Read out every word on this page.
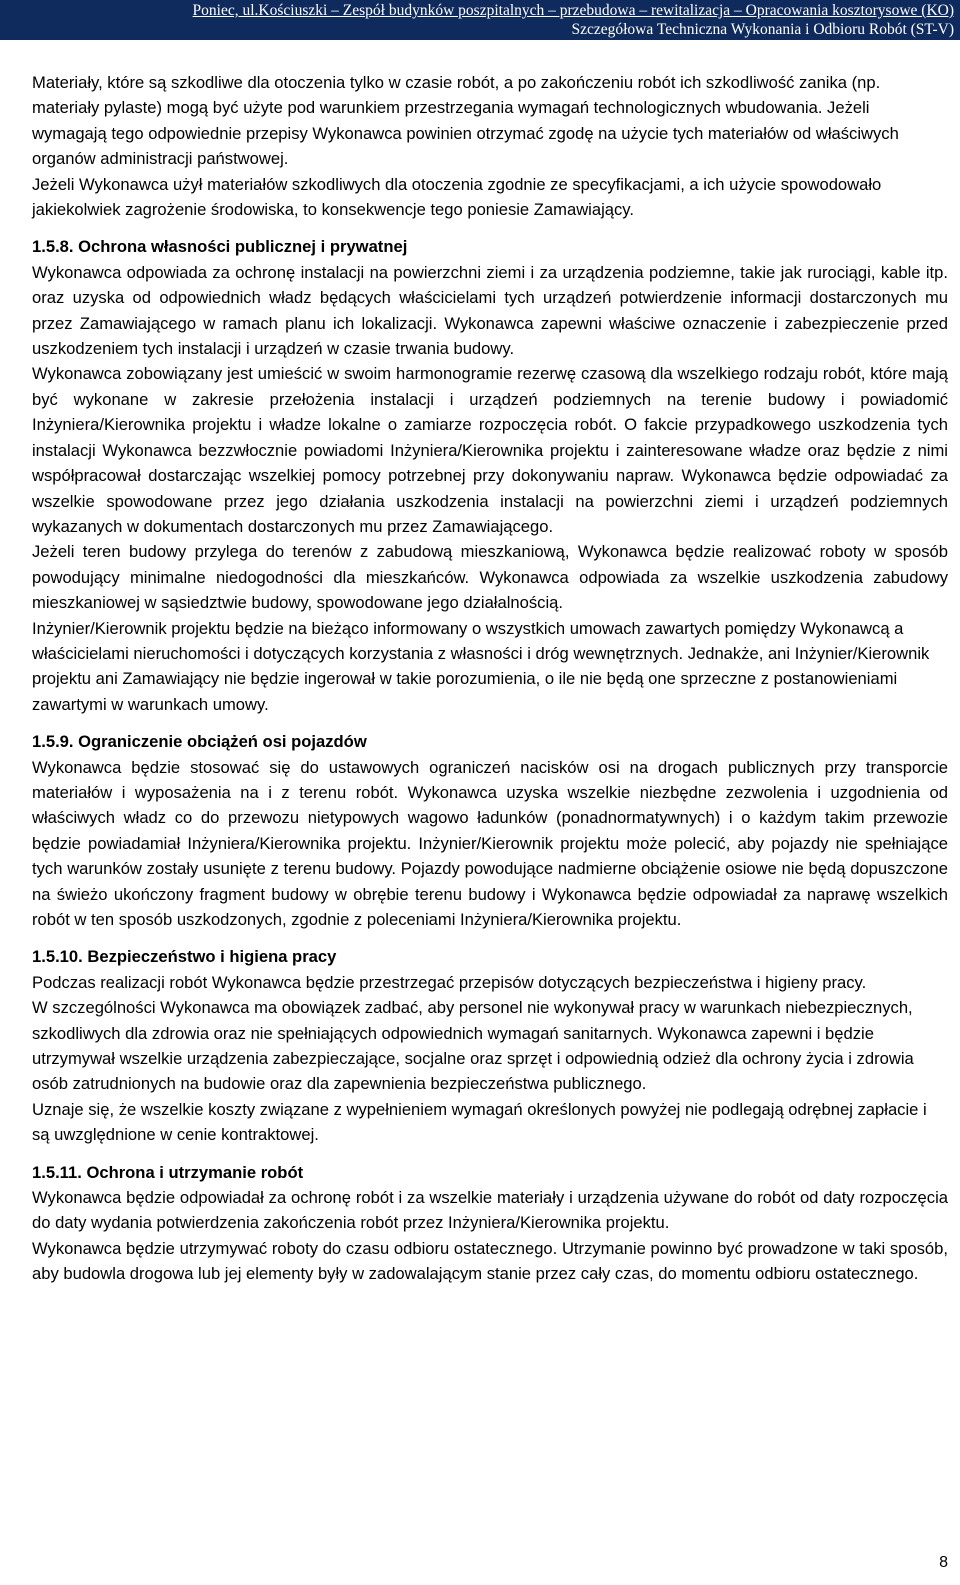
Poniec, ul.Kościuszki – Zespół budynków poszpitalnych – przebudowa – rewitalizacja – Opracowania kosztorysowe (KO)
Szczegółowa Techniczna Wykonania i Odbioru Robót (ST-V)

Materiały, które są szkodliwe dla otoczenia tylko w czasie robót, a po zakończeniu robót ich szkodliwość zanika (np. materiały pylaste) mogą być użyte pod warunkiem przestrzegania wymagań technologicznych wbudowania. Jeżeli wymagają tego odpowiednie przepisy Wykonawca powinien otrzymać zgodę na użycie tych materiałów od właściwych organów administracji państwowej.

Jeżeli Wykonawca użył materiałów szkodliwych dla otoczenia zgodnie ze specyfikacjami, a ich użycie spowodowało jakiekolwiek zagrożenie środowiska, to konsekwencje tego poniesie Zamawiający.

1.5.8. Ochrona własności publicznej i prywatnej

Wykonawca odpowiada za ochronę instalacji na powierzchni ziemi i za urządzenia podziemne, takie jak rurociągi, kable itp. oraz uzyska od odpowiednich władz będących właścicielami tych urządzeń potwierdzenie informacji dostarczonych mu przez Zamawiającego w ramach planu ich lokalizacji. Wykonawca zapewni właściwe oznaczenie i zabezpieczenie przed uszkodzeniem tych instalacji i urządzeń w czasie trwania budowy.

Wykonawca zobowiązany jest umieścić w swoim harmonogramie rezerwę czasową dla wszelkiego rodzaju robót, które mają być wykonane w zakresie przełożenia instalacji i urządzeń podziemnych na terenie budowy i powiadomić Inżyniera/Kierownika projektu i władze lokalne o zamiarze rozpoczęcia robót. O fakcie przypadkowego uszkodzenia tych instalacji Wykonawca bezzwłocznie powiadomi Inżyniera/Kierownika projektu i zainteresowane władze oraz będzie z nimi współpracował dostarczając wszelkiej pomocy potrzebnej przy dokonywaniu napraw. Wykonawca będzie odpowiadać za wszelkie spowodowane przez jego działania uszkodzenia instalacji na powierzchni ziemi i urządzeń podziemnych wykazanych w dokumentach dostarczonych mu przez Zamawiającego.

Jeżeli teren budowy przylega do terenów z zabudową mieszkaniową, Wykonawca będzie realizować roboty w sposób powodujący minimalne niedogodności dla mieszkańców. Wykonawca odpowiada za wszelkie uszkodzenia zabudowy mieszkaniowej w sąsiedztwie budowy, spowodowane jego działalnością.

Inżynier/Kierownik projektu będzie na bieżąco informowany o wszystkich umowach zawartych pomiędzy Wykonawcą a właścicielami nieruchomości i dotyczących korzystania z własności i dróg wewnętrznych. Jednakże, ani Inżynier/Kierownik projektu ani Zamawiający nie będzie ingerował w takie porozumienia, o ile nie będą one sprzeczne z postanowieniami zawartymi w warunkach umowy.

1.5.9. Ograniczenie obciążeń osi pojazdów

Wykonawca będzie stosować się do ustawowych ograniczeń nacisków osi na drogach publicznych przy transporcie materiałów i wyposażenia na i z terenu robót. Wykonawca uzyska wszelkie niezbędne zezwolenia i uzgodnienia od właściwych władz co do przewozu nietypowych wagowo ładunków (ponadnormatywnych) i o każdym takim przewozie będzie powiadamiał Inżyniera/Kierownika projektu. Inżynier/Kierownik projektu może polecić, aby pojazdy nie spełniające tych warunków zostały usunięte z terenu budowy. Pojazdy powodujące nadmierne obciążenie osiowe nie będą dopuszczone na świeżo ukończony fragment budowy w obrębie terenu budowy i Wykonawca będzie odpowiadał za naprawę wszelkich robót w ten sposób uszkodzonych, zgodnie z poleceniami Inżyniera/Kierownika projektu.

1.5.10. Bezpieczeństwo i higiena pracy

Podczas realizacji robót Wykonawca będzie przestrzegać przepisów dotyczących bezpieczeństwa i higieny pracy.

W szczególności Wykonawca ma obowiązek zadbać, aby personel nie wykonywał pracy w warunkach niebezpiecznych, szkodliwych dla zdrowia oraz nie spełniających odpowiednich wymagań sanitarnych. Wykonawca zapewni i będzie utrzymywał wszelkie urządzenia zabezpieczające, socjalne oraz sprzęt i odpowiednią odzież dla ochrony życia i zdrowia osób zatrudnionych na budowie oraz dla zapewnienia bezpieczeństwa publicznego.

Uznaje się, że wszelkie koszty związane z wypełnieniem wymagań określonych powyżej nie podlegają odrębnej zapłacie i są uwzględnione w cenie kontraktowej.

1.5.11. Ochrona i utrzymanie robót

Wykonawca będzie odpowiadał za ochronę robót i za wszelkie materiały i urządzenia używane do robót od daty rozpoczęcia do daty wydania potwierdzenia zakończenia robót przez Inżyniera/Kierownika projektu.

Wykonawca będzie utrzymywać roboty do czasu odbioru ostatecznego. Utrzymanie powinno być prowadzone w taki sposób, aby budowla drogowa lub jej elementy były w zadowalającym stanie przez cały czas, do momentu odbioru ostatecznego.

8
